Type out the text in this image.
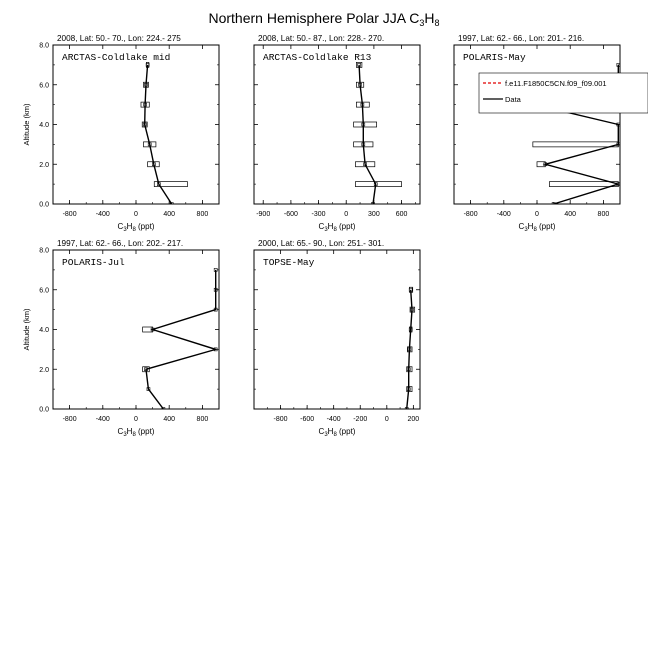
Northern Hemisphere Polar JJA $C_3H_8$
2008, Lat: 50.- 70., Lon: 224.- 275
-800	-400	0	400	800
0.0
2.0
4.0
6.0
8.0
$C_3H_8$ (ppt)
Altitude (km)
ARCTAS-Coldlake mid
2008, Lat: 50.- 87., Lon: 228.- 270.
-900 -600 -300	0	300 600
$C_3H_8$ (ppt)
ARCTAS-Coldlake R13
1997, Lat: 62.- 66., Lon: 201.- 216.
-800	-400	0	400	800
$C_3H_8$ (ppt)
POLARIS-May
f.e11.F1850C5CN.f09_f09.001
Data
1997, Lat: 62.- 66., Lon: 202.- 217.
-800	-400	0	400	800
0.0
2.0
4.0
6.0
8.0
$C_3H_8$ (ppt)
Altitude (km)
POLARIS-Jul
2000, Lat: 65.- 90., Lon: 251.- 301.
-800 -600 -400 -200	0	200
$C_3H_8$ (ppt)
TOPSE-May
